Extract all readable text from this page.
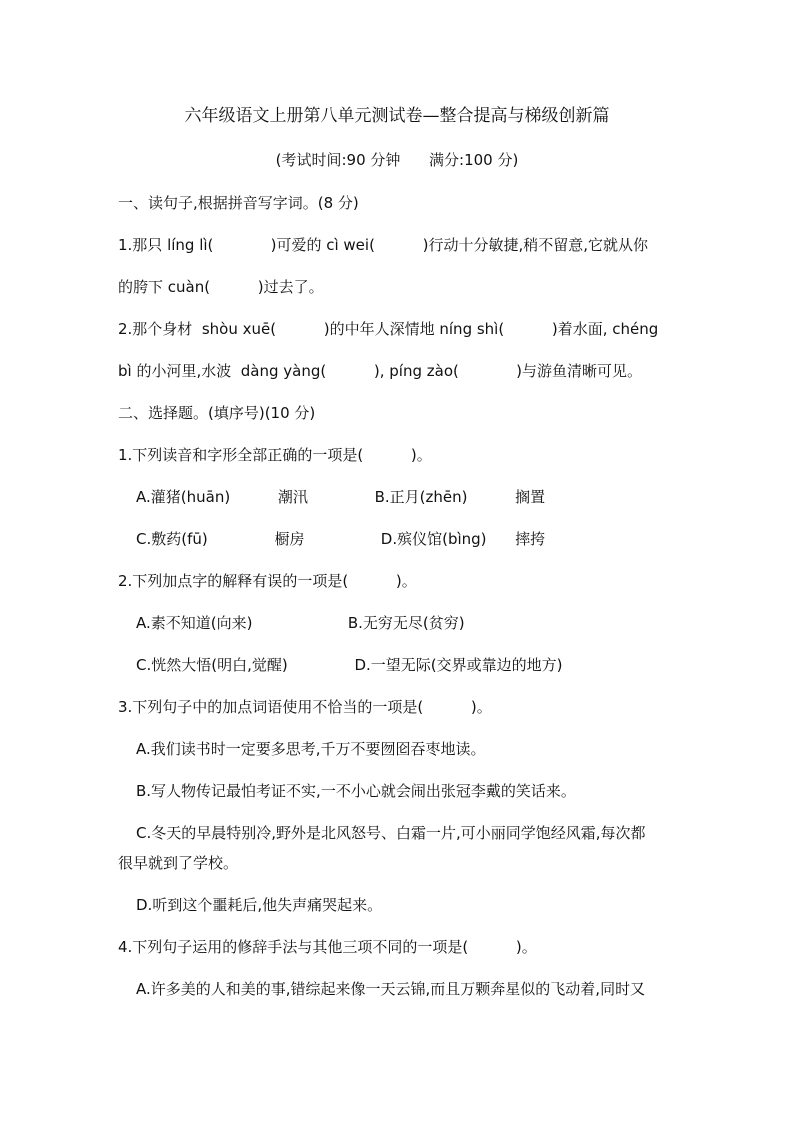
六年级语文上册第八单元测试卷—整合提高与梯级创新篇
(考试时间:90 分钟      满分:100 分)
一、读句子,根据拼音写字词。(8 分)
1.那只 líng lì(            )可爱的 cì wei(          )行动十分敏捷,稍不留意,它就从你
的胯下 cuàn(          )过去了。
2.那个身材  shòu xuē(          )的中年人深情地 níng shì(          )着水面, chéng
bì 的小河里,水波  dàng yàng(          ), píng zào(            )与游鱼清晰可见。
二、选择题。(填序号)(10 分)
1.下列读音和字形全部正确的一项是(          )。
A.灌猪(huān)          潮汛              B.正月(zhēn)          搁置
C.敷药(fū)              橱房                D.殡仪馆(bìng)      摔挎
2.下列加点字的解释有误的一项是(          )。
A.素不知道(向来)                    B.无穷无尽(贫穷)
C.恍然大悟(明白,觉醒)              D.一望无际(交界或靠边的地方)
3.下列句子中的加点词语使用不恰当的一项是(          )。
A.我们读书时一定要多思考,千万不要囫囵吞枣地读。
B.写人物传记最怕考证不实,一不小心就会闹出张冠李戴的笑话来。
C.冬天的早晨特别冷,野外是北风怒号、白霜一片,可小丽同学饱经风霜,每次都
很早就到了学校。
D.听到这个噩耗后,他失声痛哭起来。
4.下列句子运用的修辞手法与其他三项不同的一项是(          )。
A.许多美的人和美的事,错综起来像一天云锦,而且万颗奔星似的飞动着,同时又
